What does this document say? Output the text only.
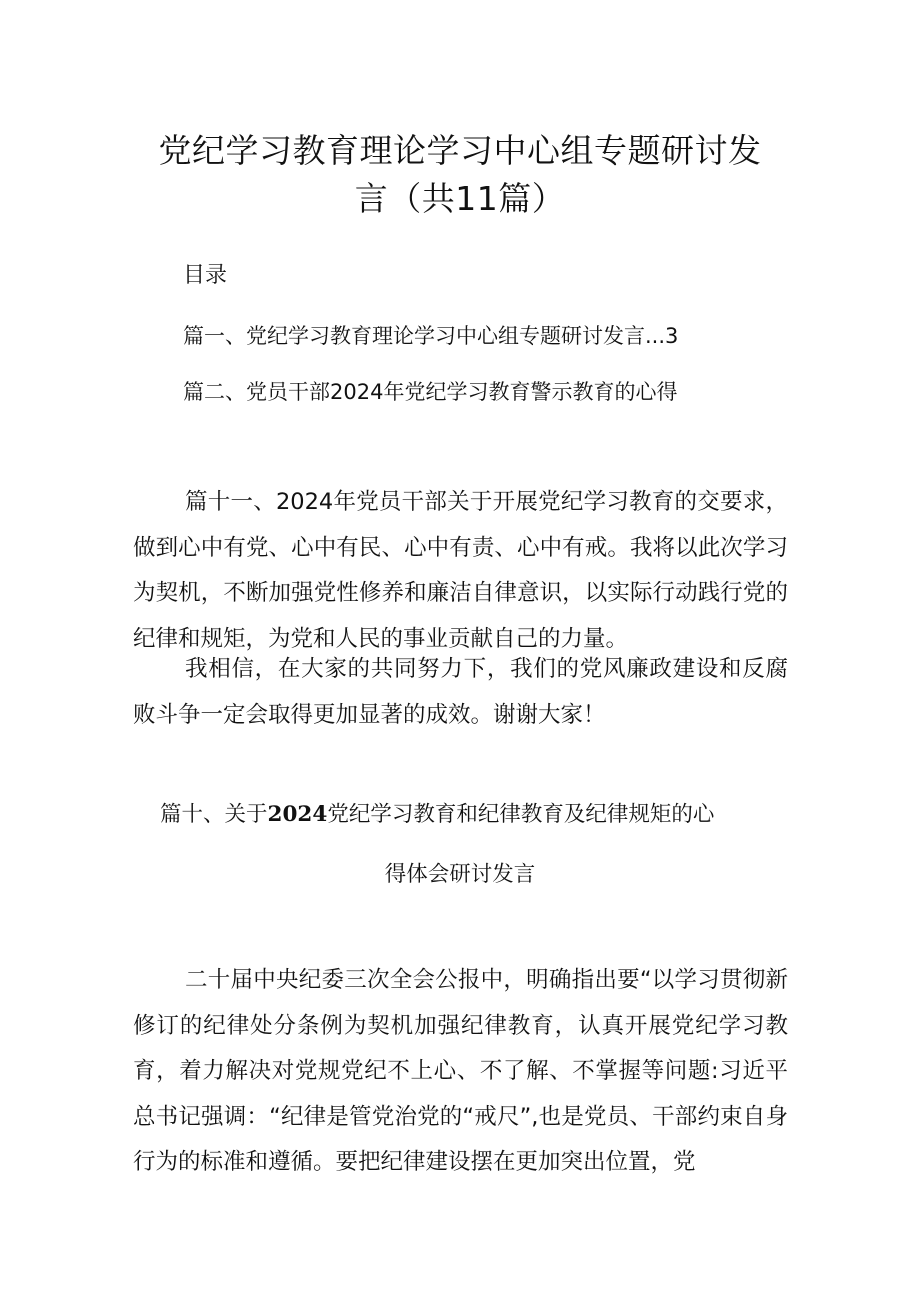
党纪学习教育理论学习中心组专题研讨发
言（共11篇）

目录

篇一、党纪学习教育理论学习中心组专题研讨发言...3

篇二、党员干部2024年党纪学习教育警示教育的心得

篇十一、2024年党员干部关于开展党纪学习教育的交要求，做到心中有党、心中有民、心中有责、心中有戒。我将以此次学习为契机，不断加强党性修养和廉洁自律意识，以实际行动践行党的纪律和规矩，为党和人民的事业贡献自己的力量。

我相信，在大家的共同努力下，我们的党风廉政建设和反腐败斗争一定会取得更加显著的成效。谢谢大家！

篇十、关于2024党纪学习教育和纪律教育及纪律规矩的心

得体会研讨发言

二十届中央纪委三次全会公报中，明确指出要“以学习贯彻新修订的纪律处分条例为契机加强纪律教育，认真开展党纪学习教育，着力解决对党规党纪不上心、不了解、不掌握等问题:习近平总书记强调：“纪律是管党治党的“戒尺”,也是党员、干部约束自身行为的标准和遵循。要把纪律建设摆在更加突出位置，党
